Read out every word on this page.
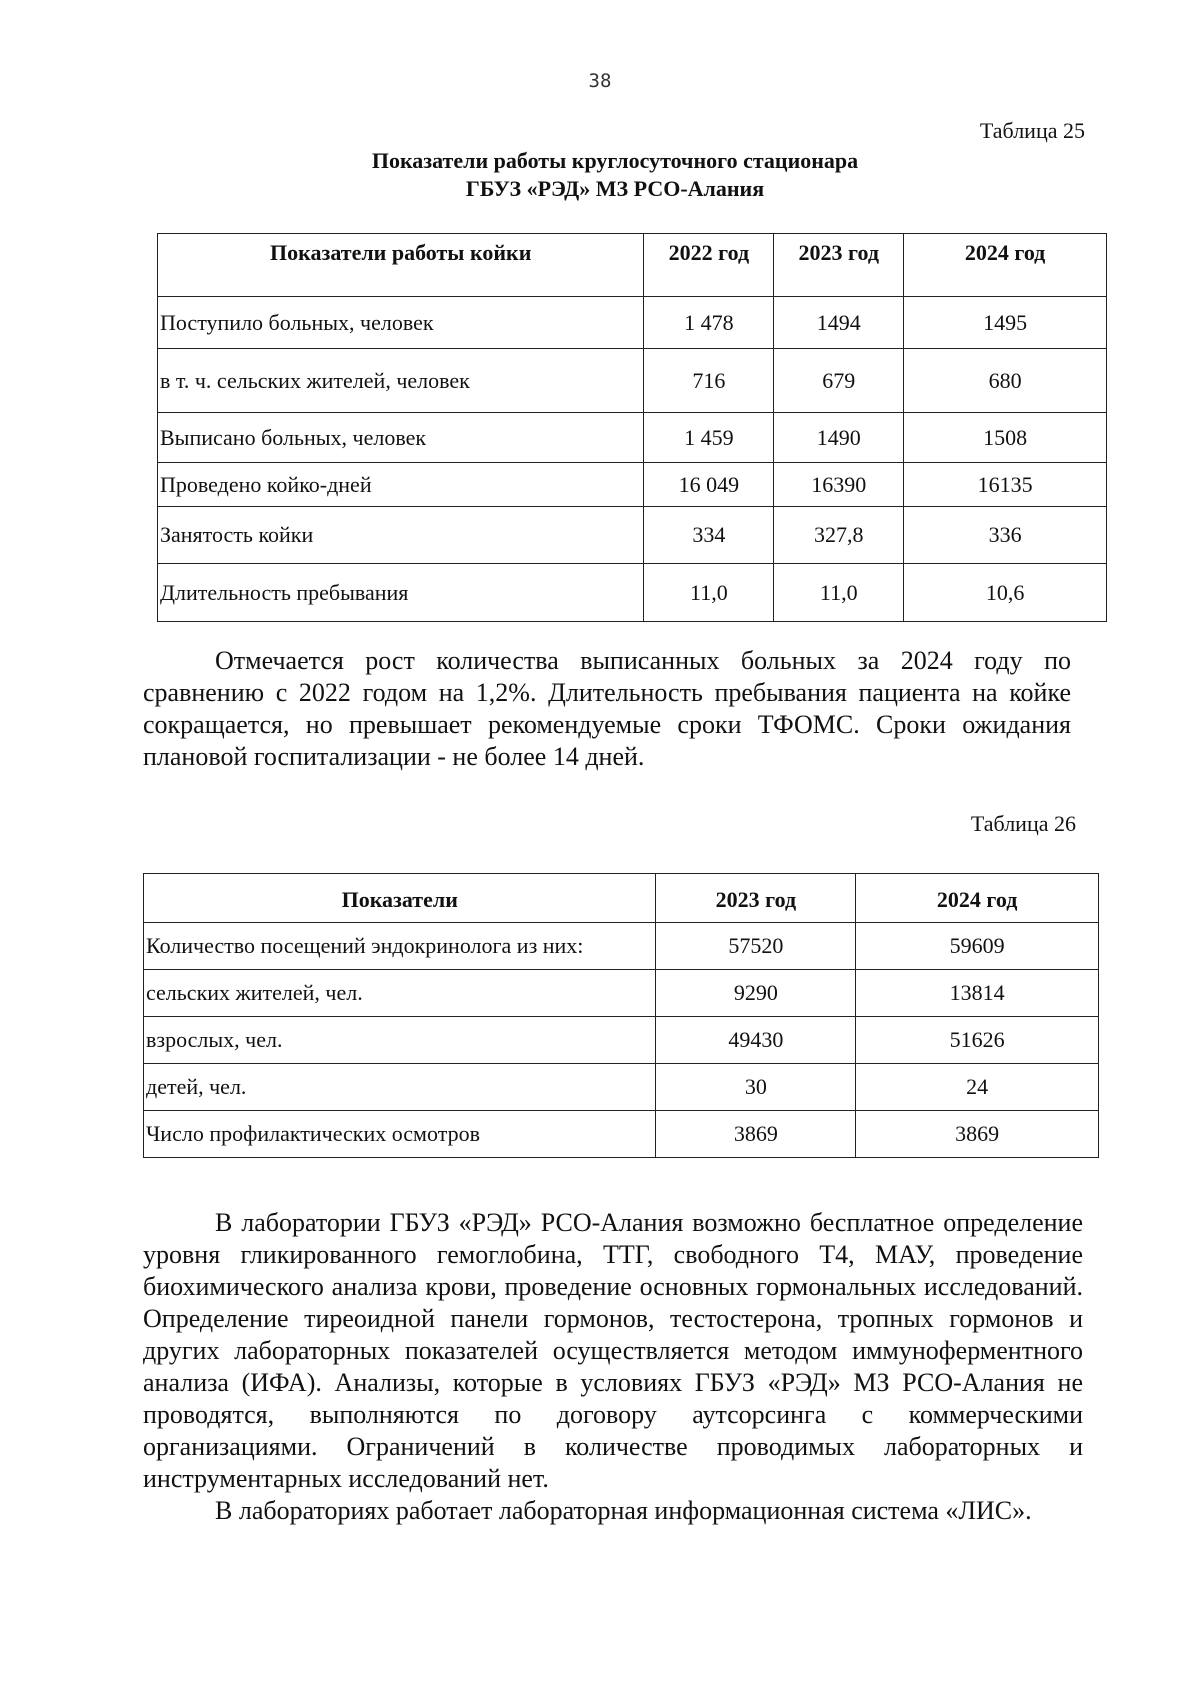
38
Таблица 25
Показатели работы круглосуточного стационара
ГБУЗ «РЭД» МЗ РСО-Алания
Показатели работы койки	2022 год	2023 год	2024 год
Поступило больных, человек	1 478	1494	1495
в т. ч. сельских жителей, человек	716	679	680
Выписано больных, человек	1 459	1490	1508
Проведено койко-дней	16 049	16390	16135
Занятость койки	334	327,8	336
Длительность пребывания	11,0	11,0	10,6

Отмечается рост количества выписанных больных за 2024 году по сравнению с 2022 годом на 1,2%. Длительность пребывания пациента на койке сокращается, но превышает рекомендуемые сроки ТФОМС. Сроки ожидания плановой госпитализации - не более 14 дней.

Таблица 26
Показатели	2023 год	2024 год
Количество посещений эндокринолога из них:	57520	59609
сельских жителей, чел.	9290	13814
взрослых, чел.	49430	51626
детей, чел.	30	24
Число профилактических осмотров	3869	3869

В лаборатории ГБУЗ «РЭД» РСО-Алания возможно бесплатное определение уровня гликированного гемоглобина, ТТГ, свободного Т4, МАУ, проведение биохимического анализа крови, проведение основных гормональных исследований. Определение тиреоидной панели гормонов, тестостерона, тропных гормонов и других лабораторных показателей осуществляется методом иммуноферментного анализа (ИФА). Анализы, которые в условиях ГБУЗ «РЭД» МЗ РСО-Алания не проводятся, выполняются по договору аутсорсинга с коммерческими организациями. Ограничений в количестве проводимых лабораторных и инструментарных исследований нет.

В лабораториях работает лабораторная информационная система «ЛИС».
